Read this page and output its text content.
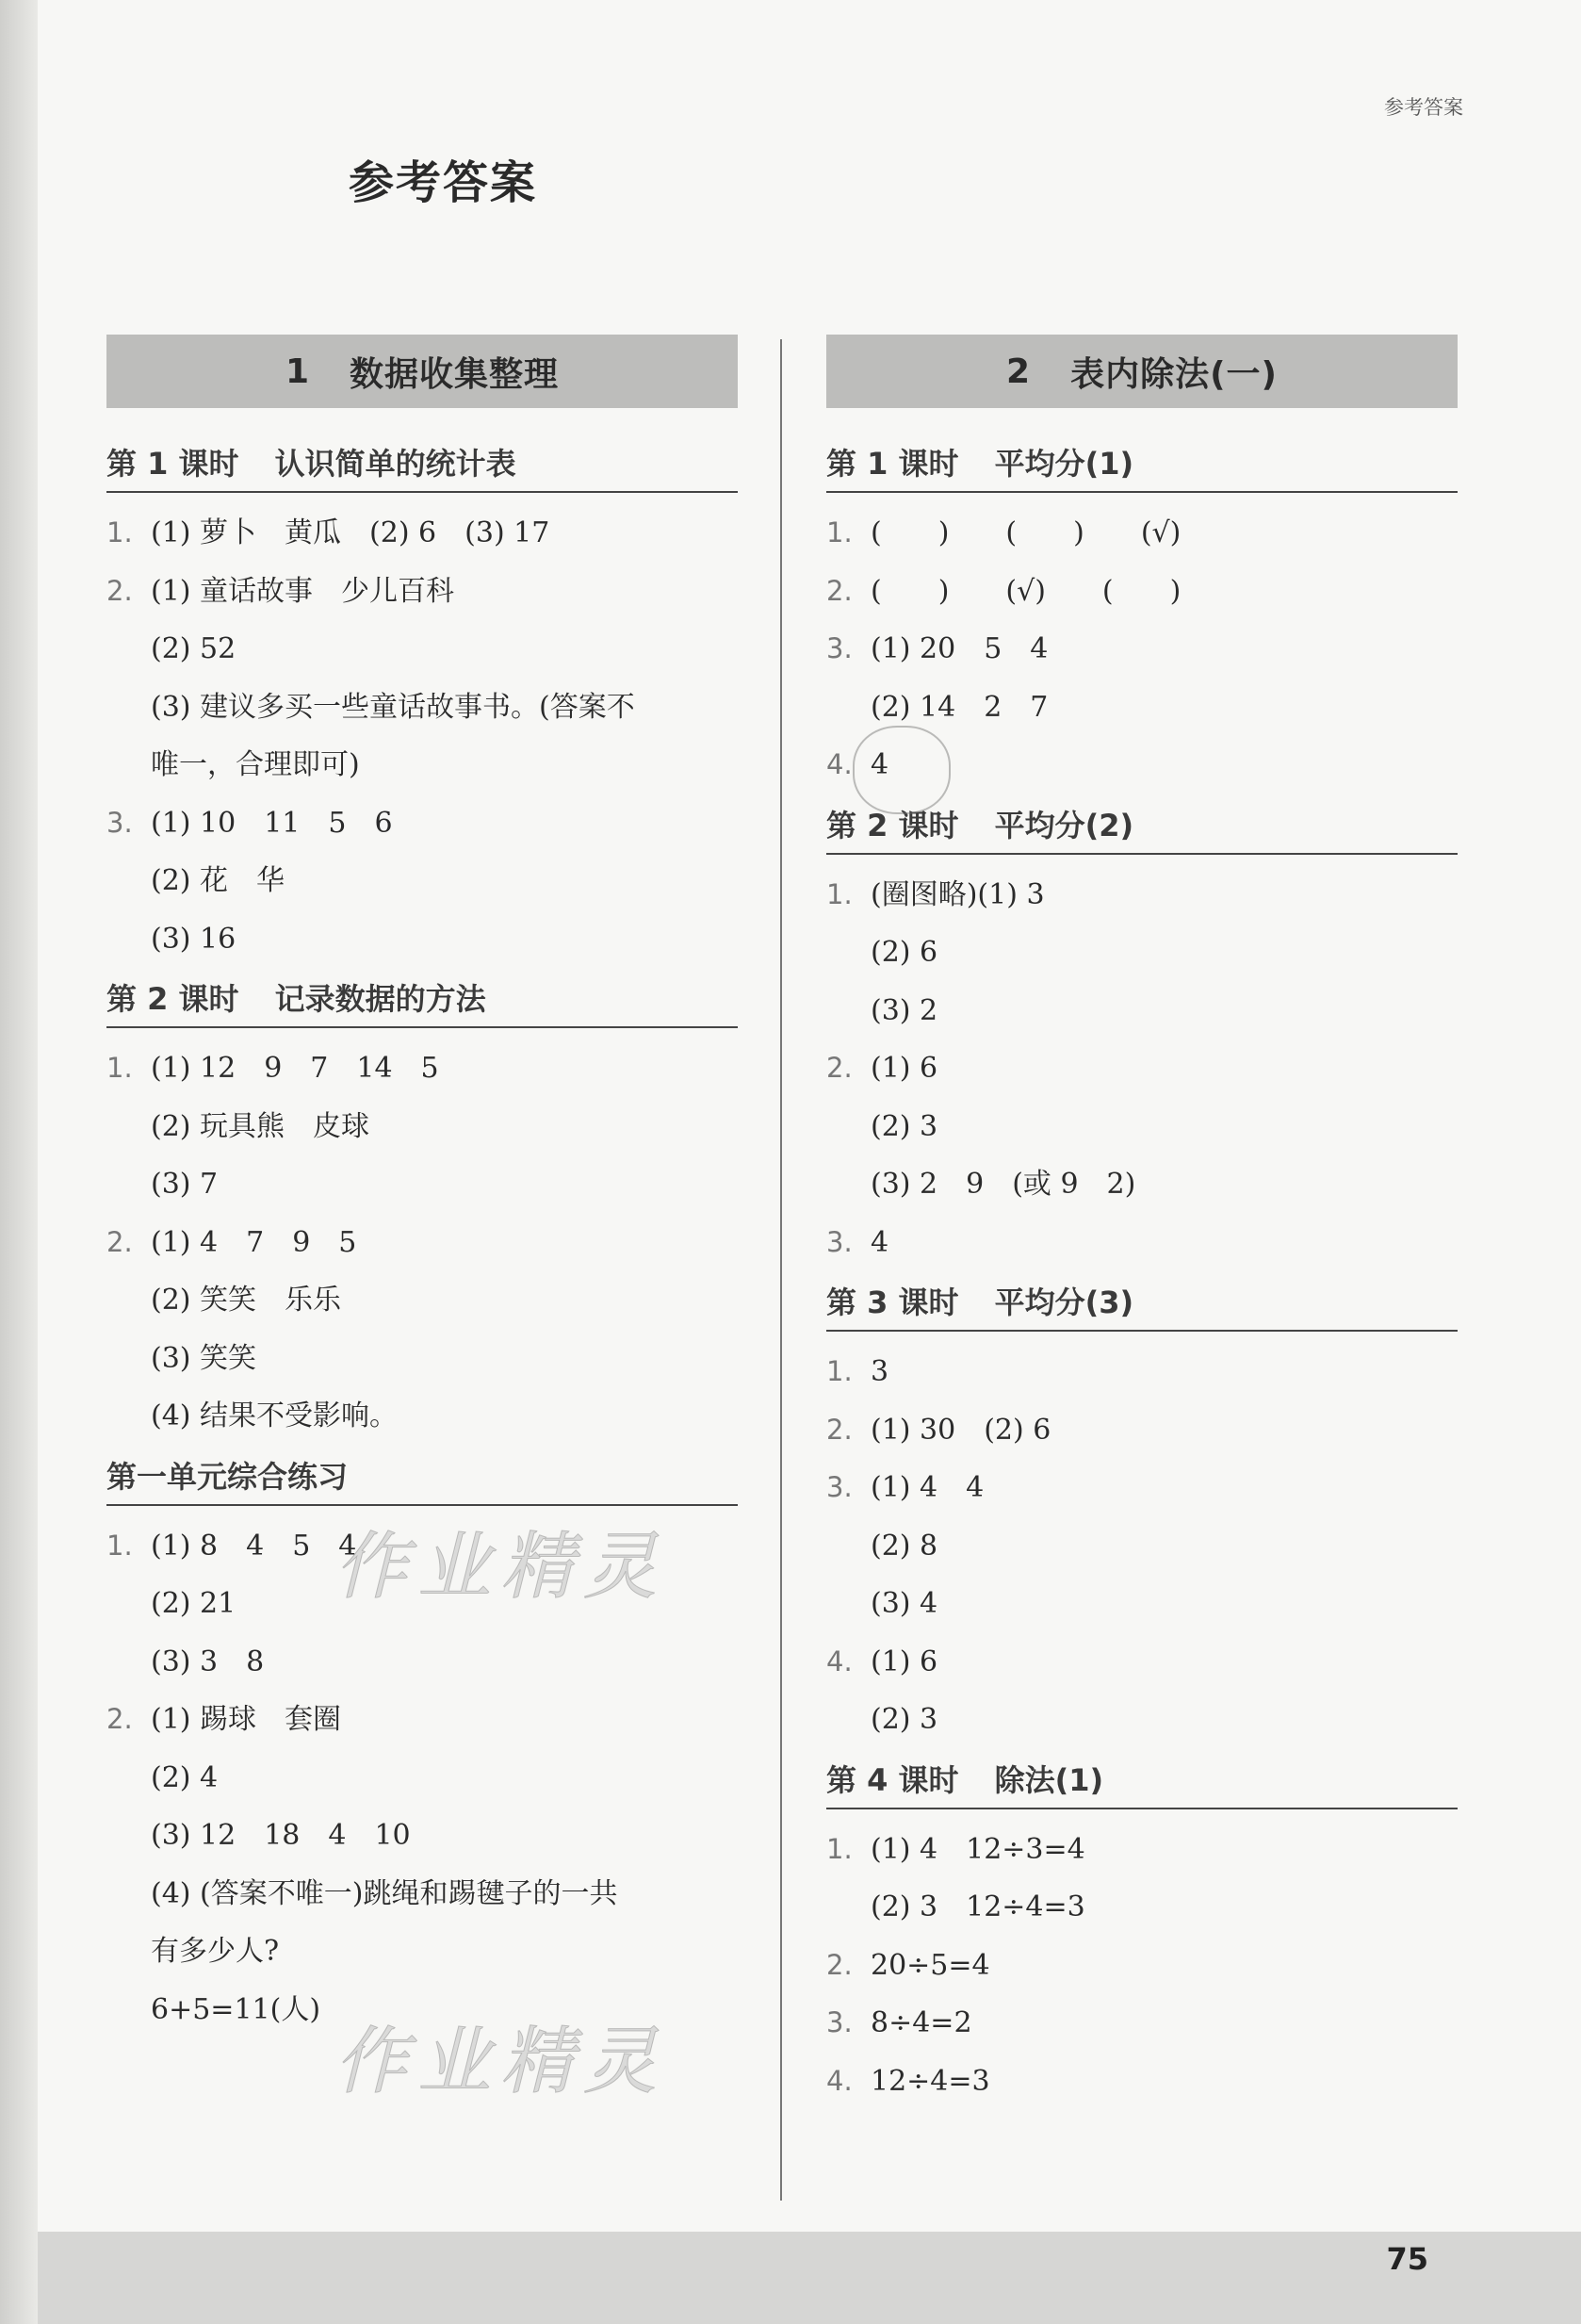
参考答案
参考答案
1 数据收集整理
第 1 课时 认识简单的统计表
1. (1) 萝卜　黄瓜　(2) 6　(3) 17
2. (1) 童话故事　少儿百科
(2) 52
(3) 建议多买一些童话故事书。(答案不
唯一，合理即可)
3. (1) 10　11　5　6
(2) 花　华
(3) 16
第 2 课时 记录数据的方法
1. (1) 12　9　7　14　5
(2) 玩具熊　皮球
(3) 7
2. (1) 4　7　9　5
(2) 笑笑　乐乐
(3) 笑笑
(4) 结果不受影响。
第一单元综合练习
1. (1) 8　4　5　4
(2) 21
(3) 3　8
2. (1) 踢球　套圈
(2) 4
(3) 12　18　4　10
(4) (答案不唯一)跳绳和踢毽子的一共
有多少人?
6+5=11(人)
2 表内除法(一)
第 1 课时 平均分(1)
1. (　　)　　(　　)　　(√)
2. (　　)　　(√)　　(　　)
3. (1) 20　5　4
(2) 14　2　7
4. 4
第 2 课时 平均分(2)
1. (圈图略)(1) 3
(2) 6
(3) 2
2. (1) 6
(2) 3
(3) 2　9　(或 9　2)
3. 4
第 3 课时 平均分(3)
1. 3
2. (1) 30　(2) 6
3. (1) 4　4
(2) 8
(3) 4
4. (1) 6
(2) 3
第 4 课时 除法(1)
1. (1) 4　12÷3=4
(2) 3　12÷4=3
2. 20÷5=4
3. 8÷4=2
4. 12÷4=3
作业精灵
作业精灵
75
